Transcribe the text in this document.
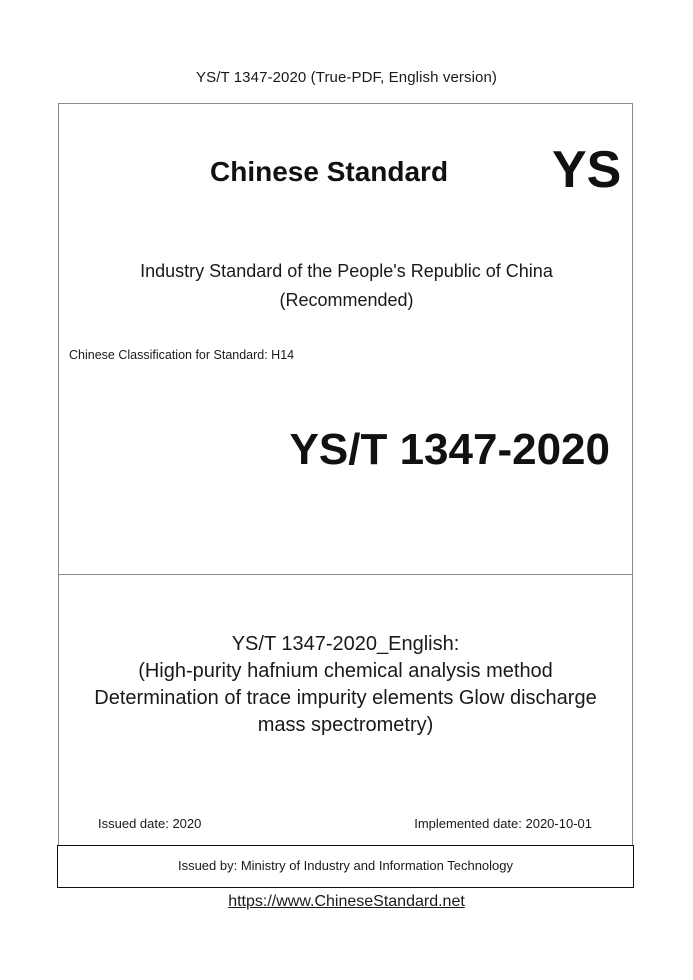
YS/T 1347-2020 (True-PDF, English version)
Chinese Standard YS
Industry Standard of the People's Republic of China
(Recommended)
Chinese Classification for Standard: H14
YS/T 1347-2020
YS/T 1347-2020_English:
(High-purity hafnium chemical analysis method
Determination of trace impurity elements Glow discharge
mass spectrometry)
Issued date: 2020	Implemented date: 2020-10-01
Issued by: Ministry of Industry and Information Technology
https://www.ChineseStandard.net
